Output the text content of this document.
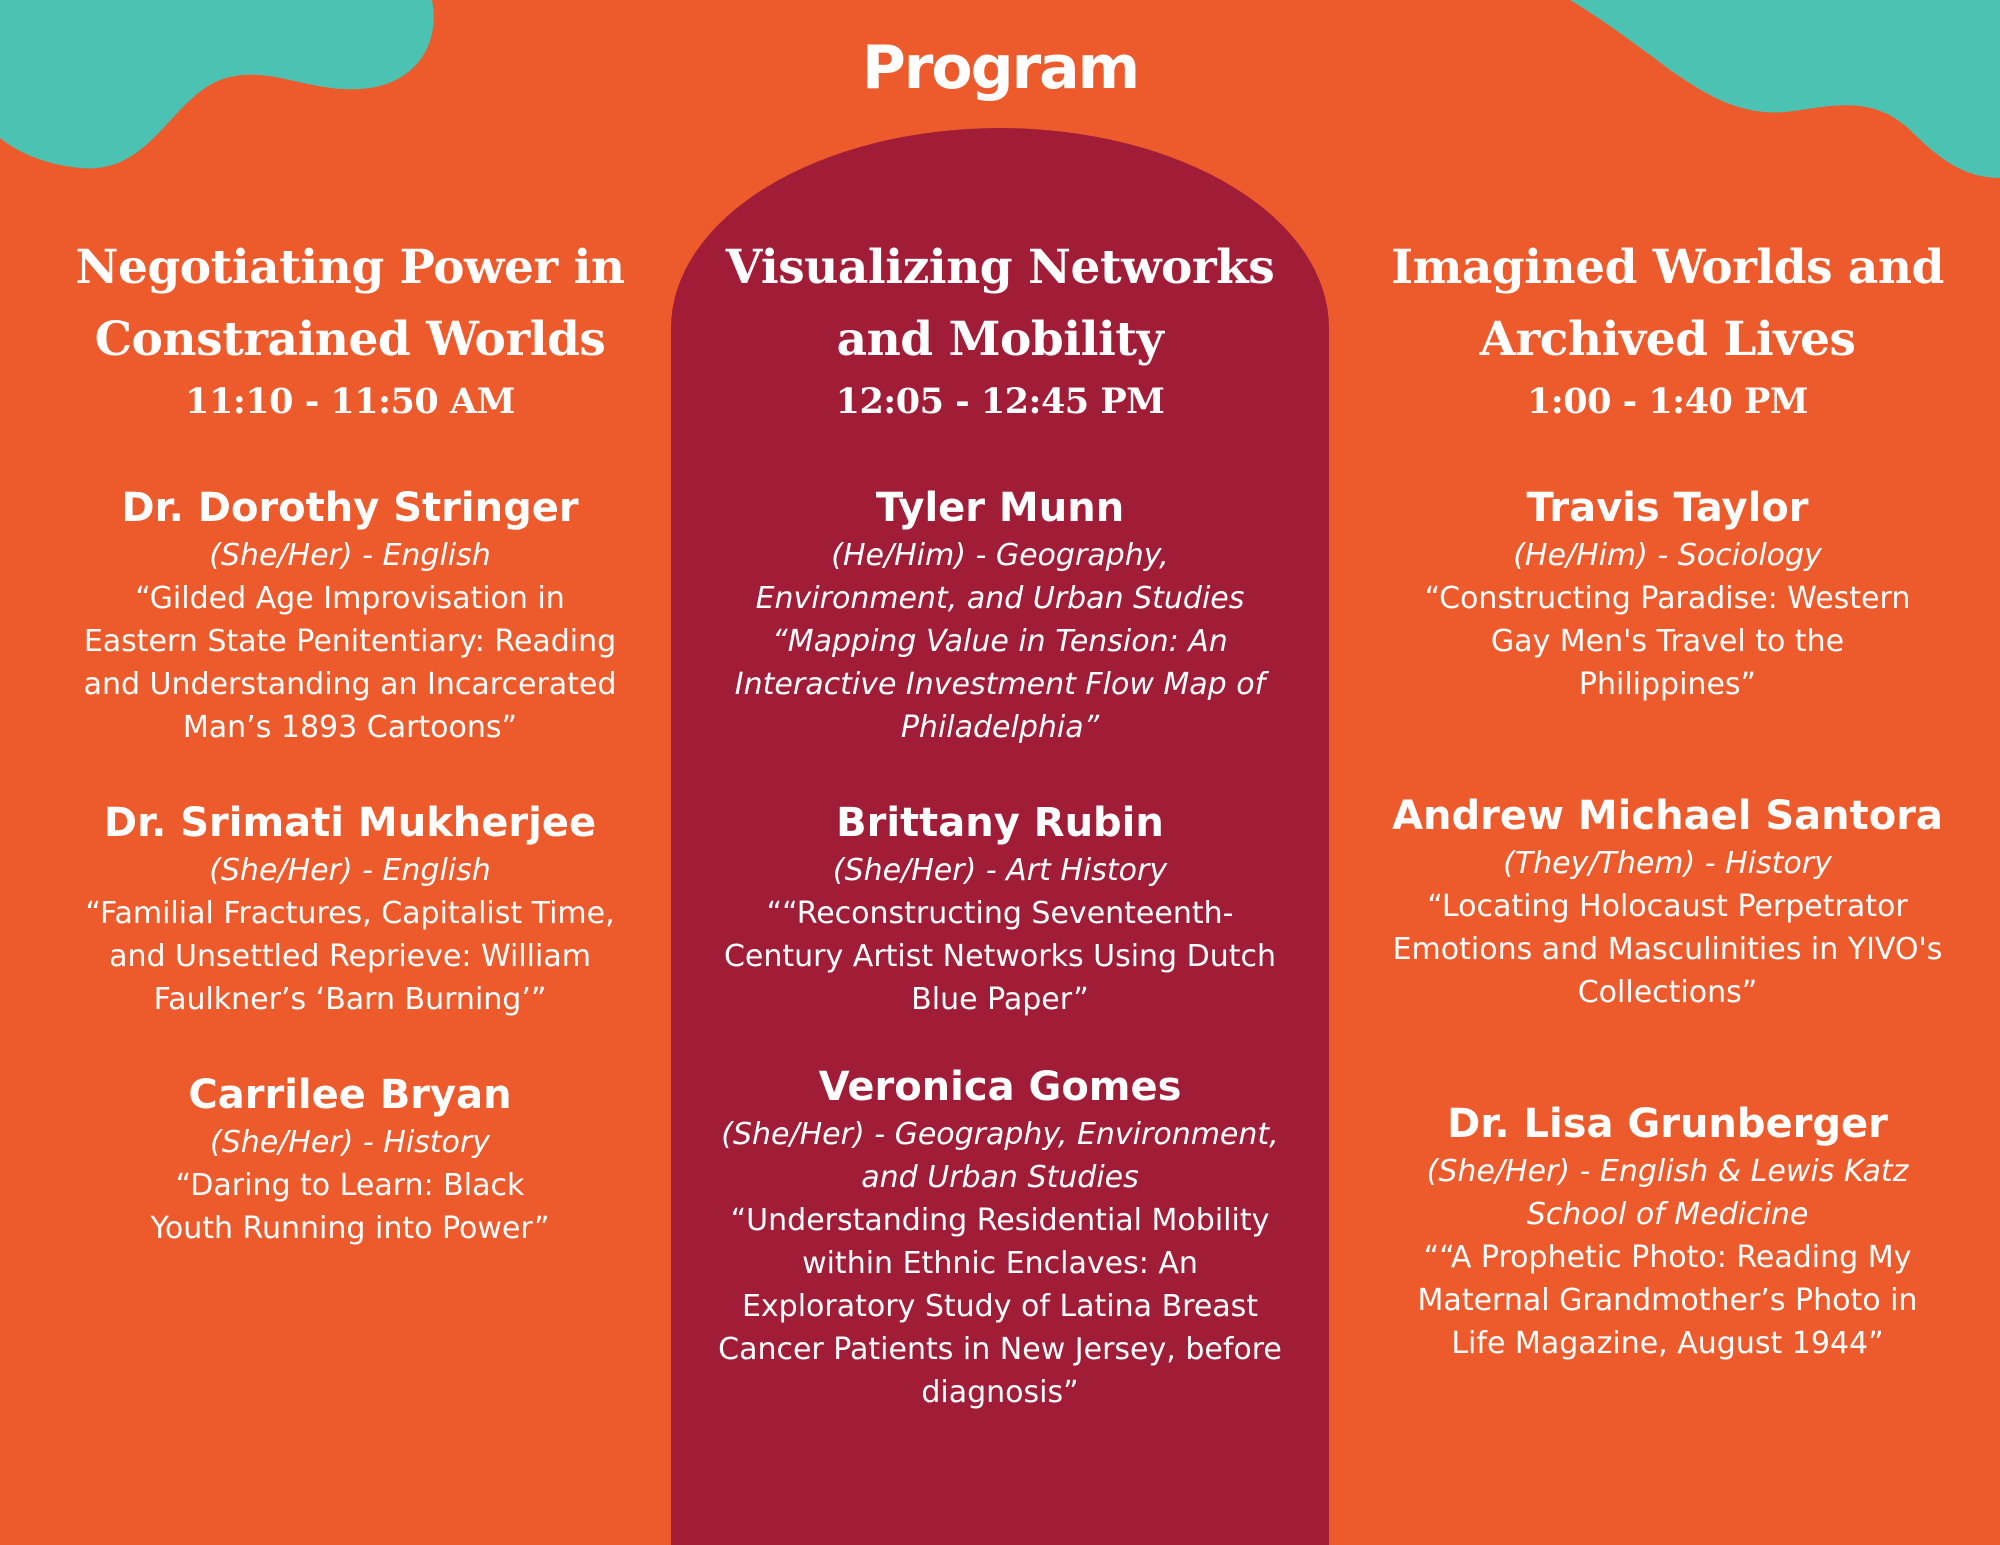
Program

Negotiating Power in

Constrained Worlds

11:10 - 11:50 AM

Dr. Dorothy Stringer

(She/Her) - English

“Gilded Age Improvisation in

Eastern State Penitentiary: Reading

and Understanding an Incarcerated

Man’s 1893 Cartoons”

Dr. Srimati Mukherjee

(She/Her) - English

“Familial Fractures, Capitalist Time,

and Unsettled Reprieve: William

Faulkner’s ‘Barn Burning’”

Carrilee Bryan

(She/Her) - History

“Daring to Learn: Black

Youth Running into Power”

Visualizing Networks

and Mobility

12:05 - 12:45 PM

Tyler Munn

(He/Him) - Geography,

Environment, and Urban Studies

“Mapping Value in Tension: An

Interactive Investment Flow Map of

Philadelphia”

Brittany Rubin

(She/Her) - Art History

““Reconstructing Seventeenth-

Century Artist Networks Using Dutch

Blue Paper”

Veronica Gomes

(She/Her) - Geography, Environment,

and Urban Studies

“Understanding Residential Mobility

within Ethnic Enclaves: An

Exploratory Study of Latina Breast

Cancer Patients in New Jersey, before

diagnosis”

Imagined Worlds and

Archived Lives

1:00 - 1:40 PM

Travis Taylor

(He/Him) - Sociology

“Constructing Paradise: Western

Gay Men's Travel to the

Philippines”

Andrew Michael Santora

(They/Them) - History

“Locating Holocaust Perpetrator

Emotions and Masculinities in YIVO's

Collections”

Dr. Lisa Grunberger

(She/Her) - English & Lewis Katz

School of Medicine

““A Prophetic Photo: Reading My

Maternal Grandmother’s Photo in

Life Magazine, August 1944”
